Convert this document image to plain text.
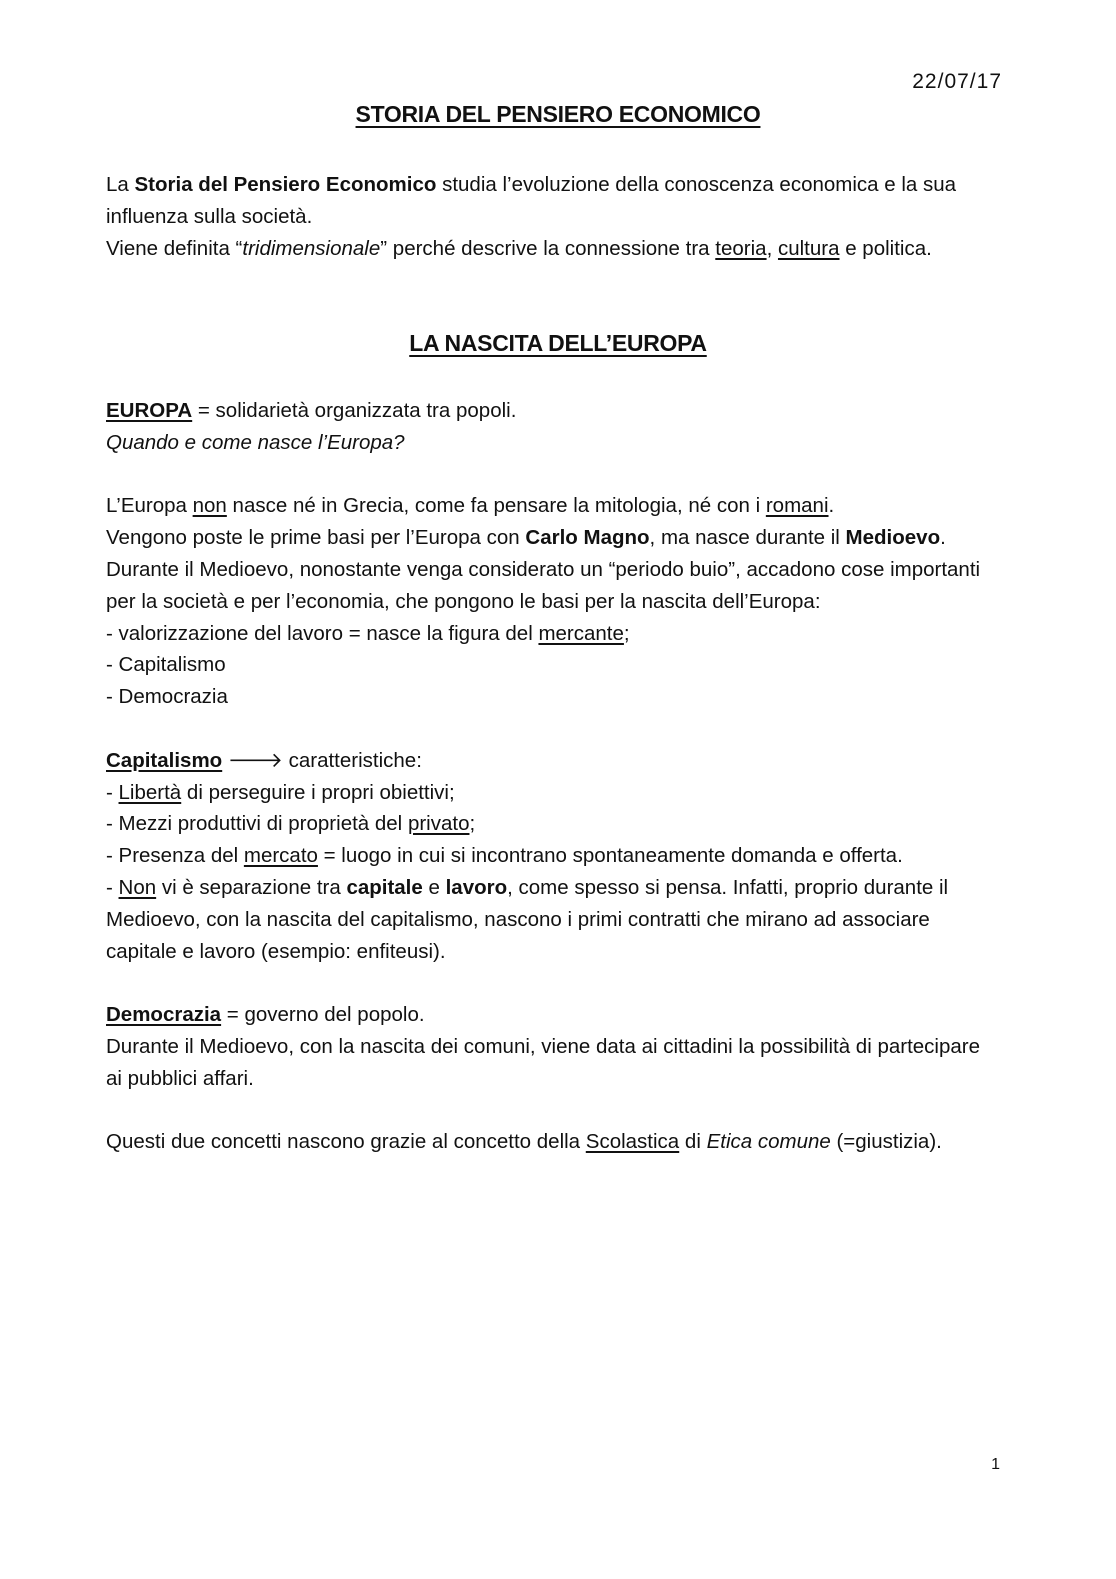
22/07/17
STORIA DEL PENSIERO ECONOMICO

La Storia del Pensiero Economico studia l’evoluzione della conoscenza economica e la sua influenza sulla società.

Viene definita “tridimensionale” perché descrive la connessione tra teoria, cultura e politica.

LA NASCITA DELL’EUROPA

EUROPA = solidarietà organizzata tra popoli.

Quando e come nasce l’Europa?

L’Europa non nasce né in Grecia, come fa pensare la mitologia, né con i romani.

Vengono poste le prime basi per l’Europa con Carlo Magno, ma nasce durante il Medioevo.

Durante il Medioevo, nonostante venga considerato un “periodo buio”, accadono cose importanti per la società e per l’economia, che pongono le basi per la nascita dell’Europa:

- valorizzazione del lavoro = nasce la figura del mercante;

- Capitalismo

- Democrazia

Capitalismo 🡒 caratteristiche:

- Libertà di perseguire i propri obiettivi;

- Mezzi produttivi di proprietà del privato;

- Presenza del mercato = luogo in cui si incontrano spontaneamente domanda e offerta.

- Non vi è separazione tra capitale e lavoro, come spesso si pensa. Infatti, proprio durante il Medioevo, con la nascita del capitalismo, nascono i primi contratti che mirano ad associare capitale e lavoro (esempio: enfiteusi).

Democrazia = governo del popolo.

Durante il Medioevo, con la nascita dei comuni, viene data ai cittadini la possibilità di partecipare ai pubblici affari.

Questi due concetti nascono grazie al concetto della Scolastica di Etica comune (=giustizia).

1
